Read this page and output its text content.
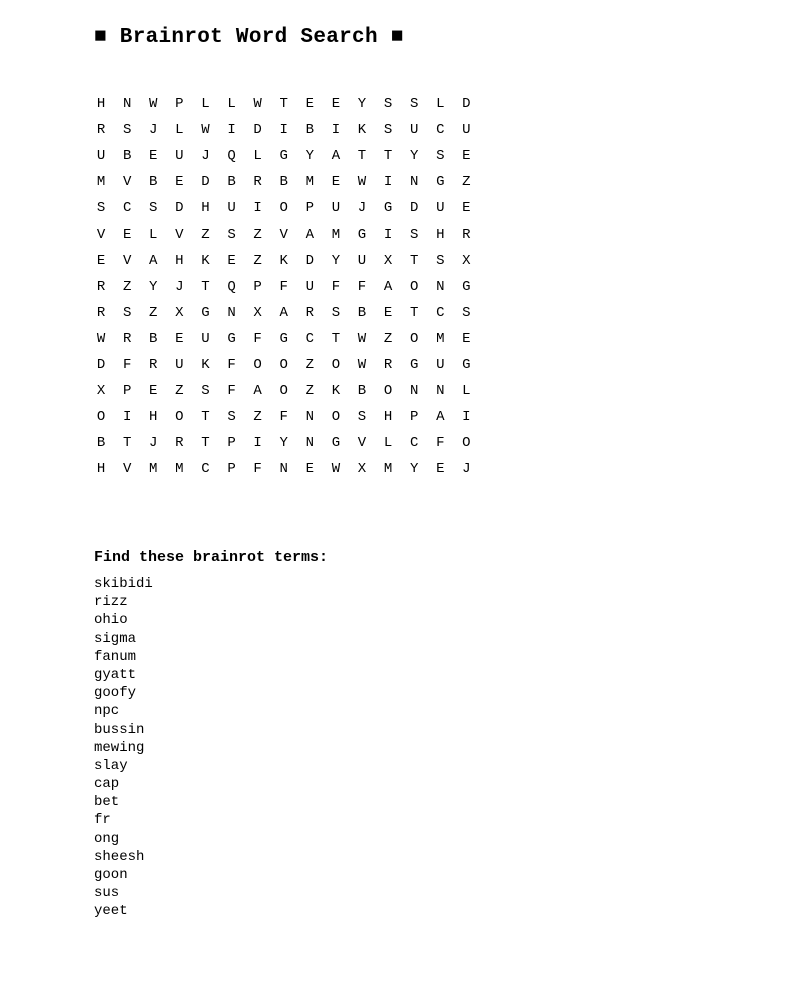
■ Brainrot Word Search ■
H	N	W	P	L	L	W	T	E	E	Y	S	S	L	D
R	S	J	L	W	I	D	I	B	I	K	S	U	C	U
U	B	E	U	J	Q	L	G	Y	A	T	T	Y	S	E
M	V	B	E	D	B	R	B	M	E	W	I	N	G	Z
S	C	S	D	H	U	I	O	P	U	J	G	D	U	E
V	E	L	V	Z	S	Z	V	A	M	G	I	S	H	R
E	V	A	H	K	E	Z	K	D	Y	U	X	T	S	X
R	Z	Y	J	T	Q	P	F	U	F	F	A	O	N	G
R	S	Z	X	G	N	X	A	R	S	B	E	T	C	S
W	R	B	E	U	G	F	G	C	T	W	Z	O	M	E
D	F	R	U	K	F	O	O	Z	O	W	R	G	U	G
X	P	E	Z	S	F	A	O	Z	K	B	O	N	N	L
O	I	H	O	T	S	Z	F	N	O	S	H	P	A	I
B	T	J	R	T	P	I	Y	N	G	V	L	C	F	O
H	V	M	M	C	P	F	N	E	W	X	M	Y	E	J
Find these brainrot terms:
skibidi
rizz
ohio
sigma
fanum
gyatt
goofy
npc
bussin
mewing
slay
cap
bet
fr
ong
sheesh
goon
sus
yeet
